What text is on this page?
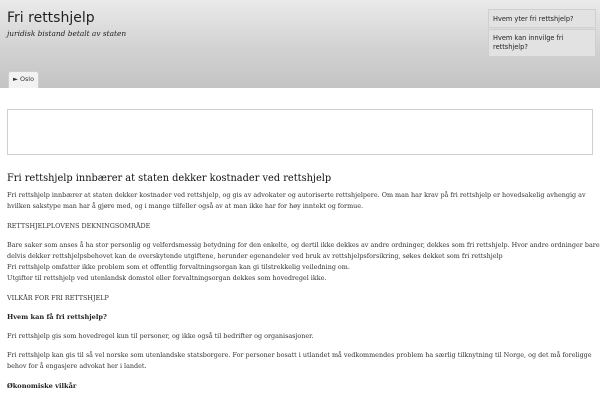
Fri rettshjelp
juridisk bistand betalt av staten
Hvem yter fri rettshjelp?
Hvem kan innvilge fri rettshjelp?
► Oslo
Fri rettshjelp innbærer at staten dekker kostnader ved rettshjelp
Fri rettshjelp innbærer at staten dekker kostnader ved rettshjelp, og gis av advokater og autoriserte rettshjelpere. Om man har krav på fri rettshjelp er hovedsakelig avhengig av
hvilken sakstype man har å gjøre med, og i mange tilfeller også av at man ikke har for høy inntekt og formue.
RETTSHJELPLOVENS DEKNINGSOMRÅDE
Bare saker som anses å ha stor personlig og velferdsmessig betydning for den enkelte, og dertil ikke dekkes av andre ordninger, dekkes som fri rettshjelp. Hvor andre ordninger bare
delvis dekker rettshjelpsbehovet kan de overskytende utgiftene, herunder egenandeler ved bruk av rettshjelpsforsikring, søkes dekket som fri rettshjelp
Fri rettshjelp omfatter ikke problem som et offentlig forvaltningsorgan kan gi tilstrekkelig veiledning om.
Utgifter til rettshjelp ved utenlandsk domstol eller forvaltningsorgan dekkes som hovedregel ikke.
VILKÅR FOR FRI RETTSHJELP
Hvem kan få fri rettshjelp?
Fri rettshjelp gis som hovedregel kun til personer, og ikke også til bedrifter og organisasjoner.
Fri rettshjelp kan gis til så vel norske som utenlandske statsborgere. For personer bosatt i utlandet må vedkommendes problem ha særlig tilknytning til Norge, og det må foreligge
behov for å engasjere advokat her i landet.
Økonomiske vilkår
